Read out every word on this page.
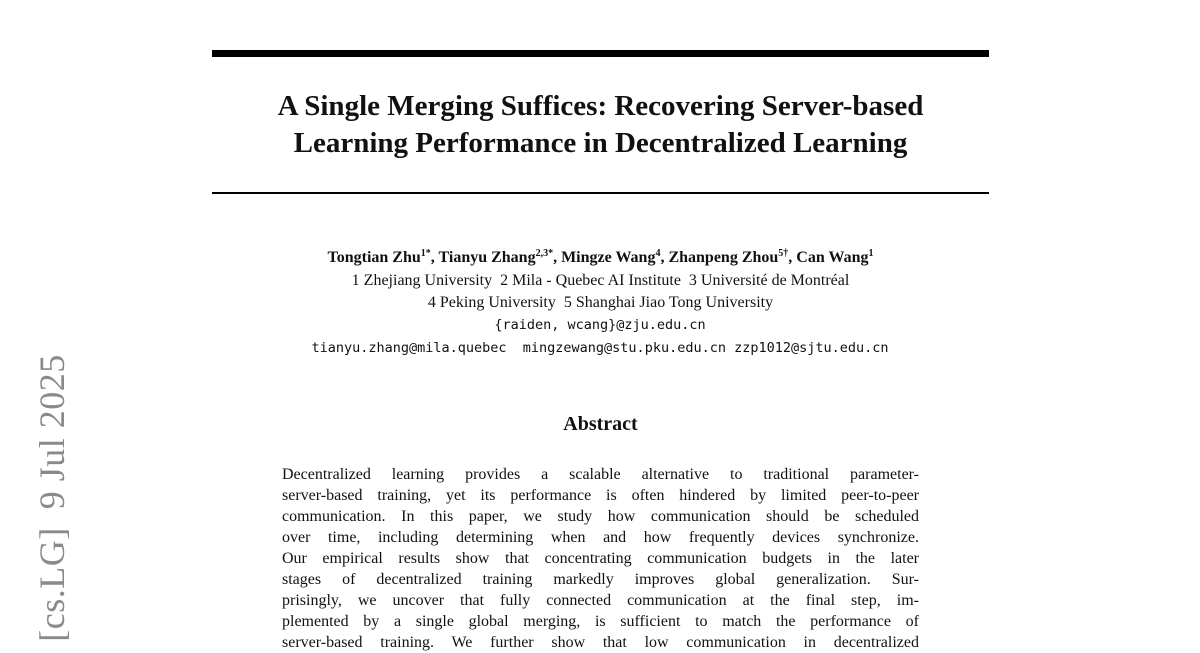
[cs.LG]9 Jul 2025
A Single Merging Suffices: Recovering Server-based
Learning Performance in Decentralized Learning
Tongtian Zhu$^{1*}$, Tianyu Zhang$^{2,3*}$, Mingze Wang$^4$, Zhanpeng Zhou$^{5\dagger}$, Can Wang$^1$
1 Zhejiang University  2 Mila - Quebec AI Institute  3 Université de Montréal
4 Peking University  5 Shanghai Jiao Tong University
{raiden, wcang}@zju.edu.cn
tianyu.zhang@mila.quebec  mingzewang@stu.pku.edu.cn zzp1012@sjtu.edu.cn
Abstract
Decentralized learning provides a scalable alternative to traditional parameter-
server-based training, yet its performance is often hindered by limited peer-to-peer
communication. In this paper, we study how communication should be scheduled
over time, including determining when and how frequently devices synchronize.
Our empirical results show that concentrating communication budgets in the later
stages of decentralized training markedly improves global generalization. Sur-
prisingly, we uncover that fully connected communication at the final step, im-
plemented by a single global merging, is sufficient to match the performance of
server-based training. We further show that low communication in decentralized
